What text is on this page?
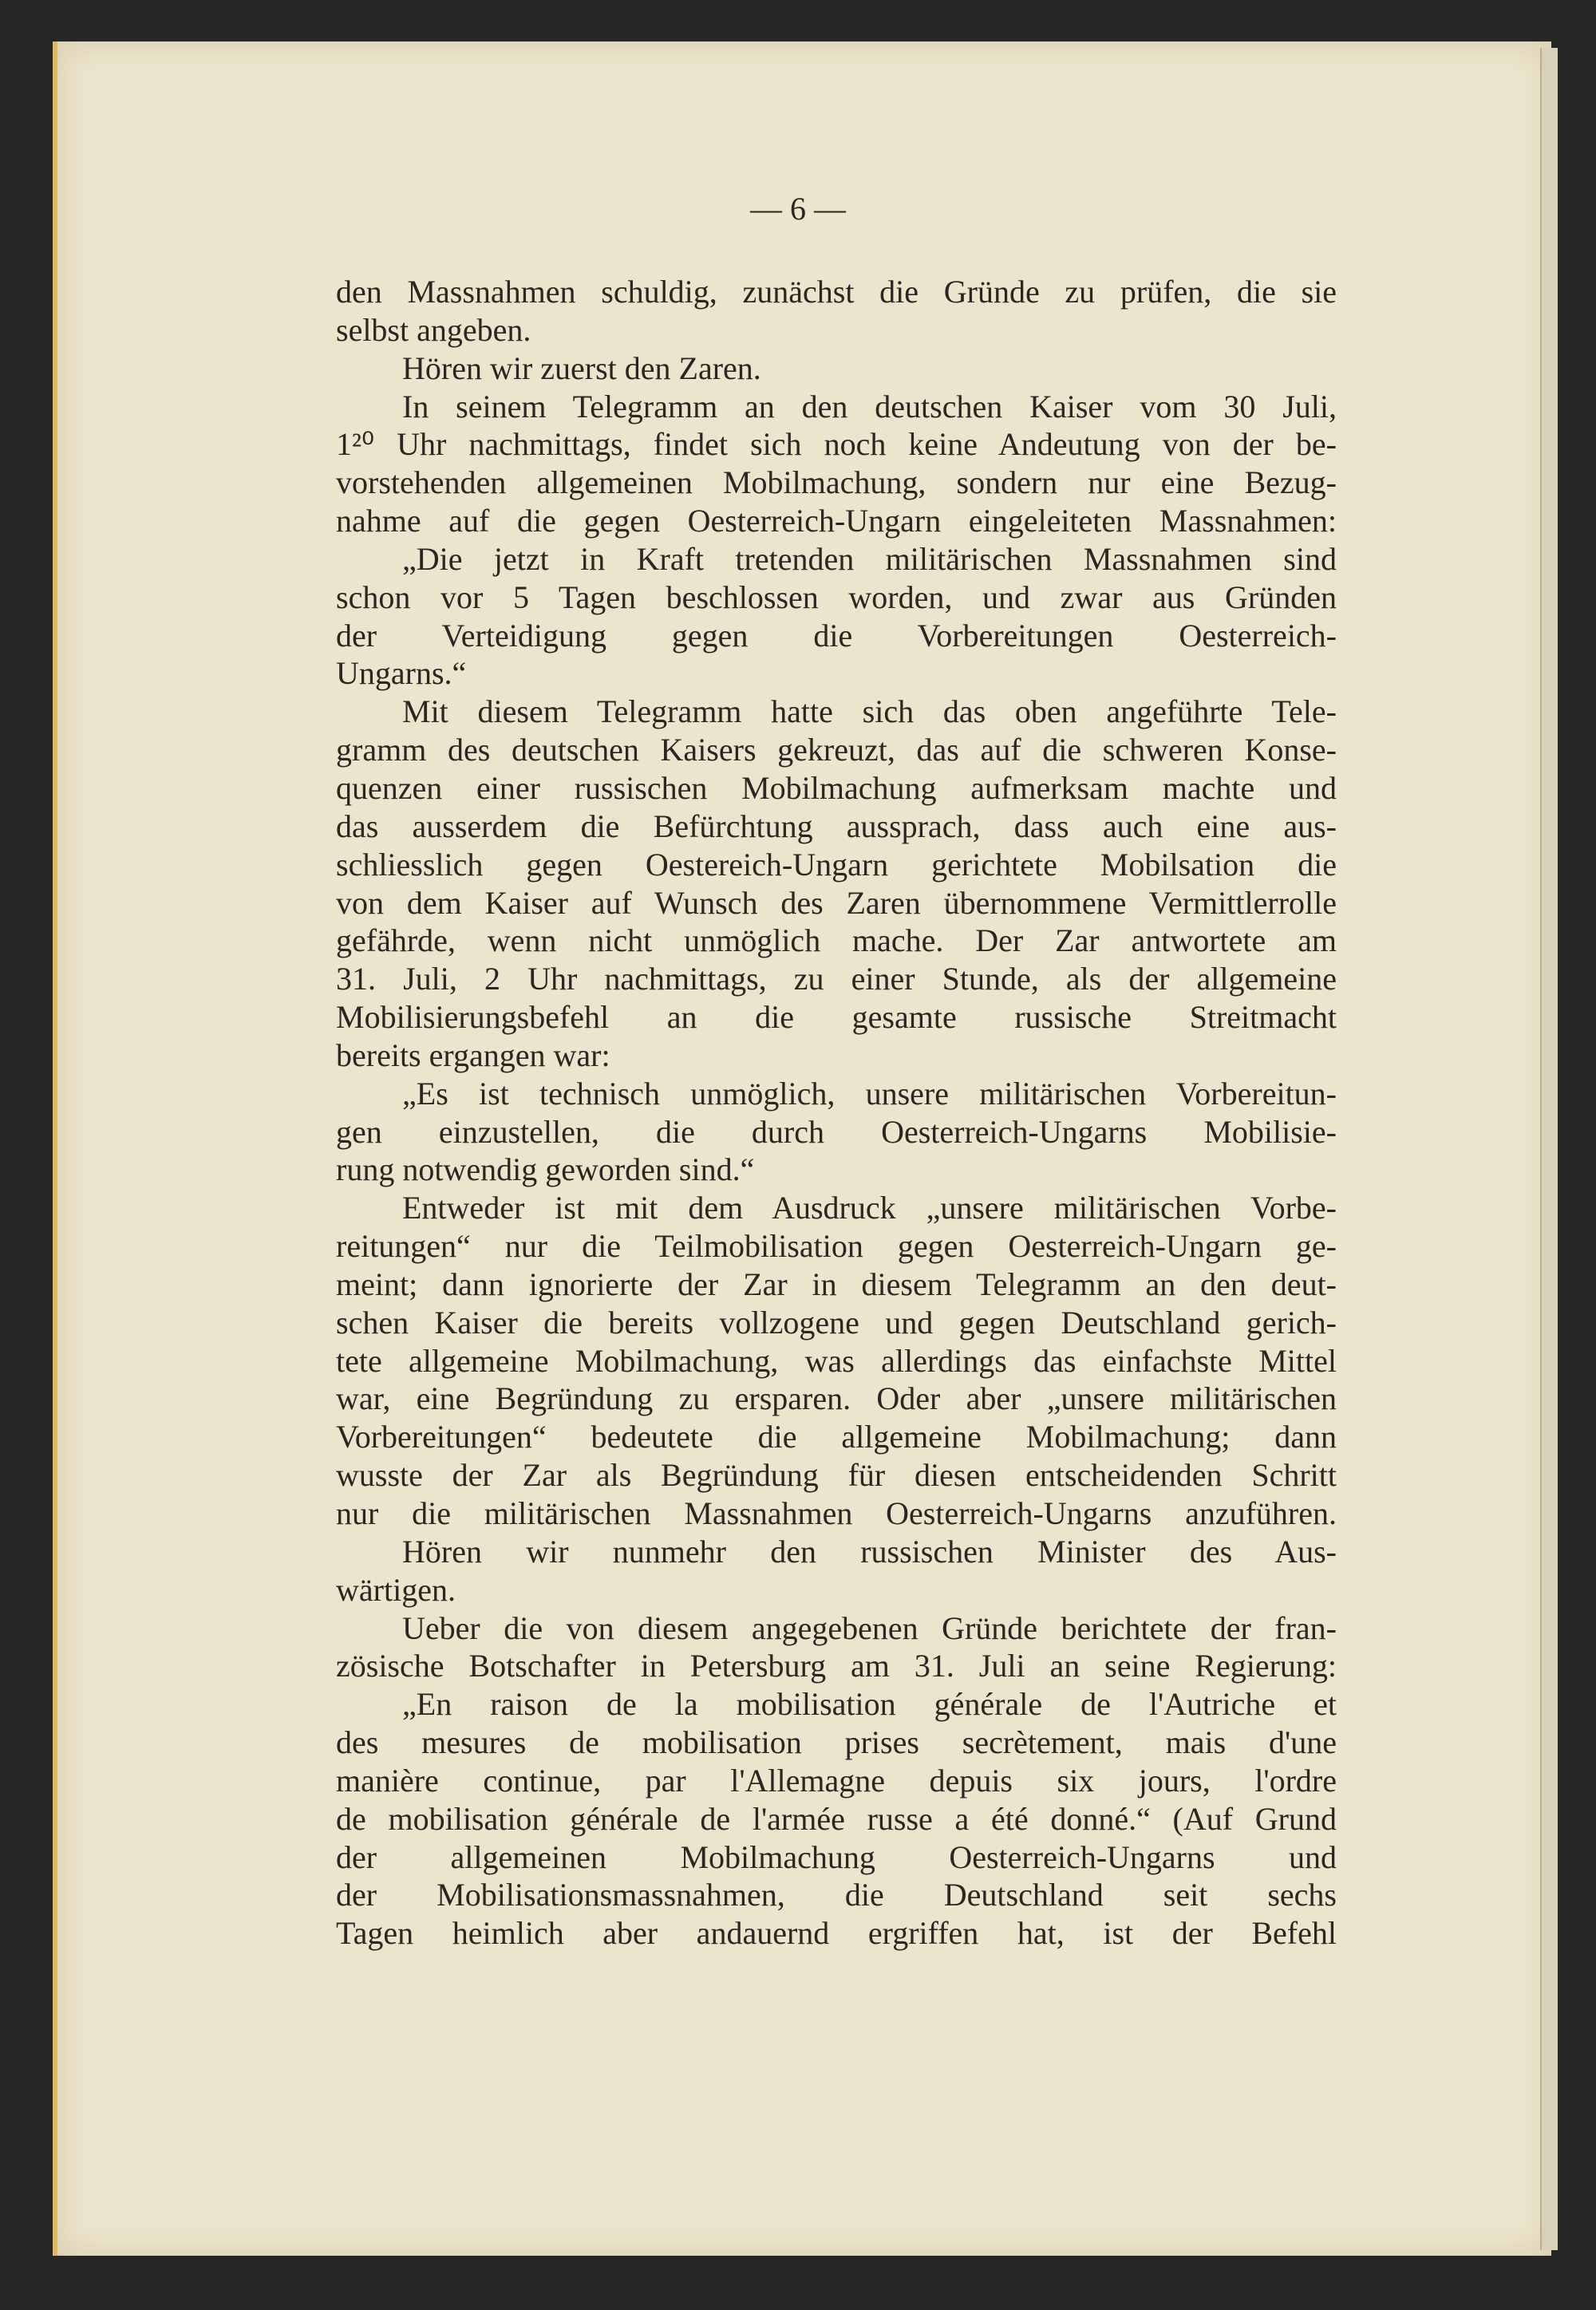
— 6 —
den Massnahmen schuldig, zunächst die Gründe zu prüfen, die sie
selbst angeben.
Hören wir zuerst den Zaren.
In seinem Telegramm an den deutschen Kaiser vom 30 Juli,
1²⁰ Uhr nachmittags, findet sich noch keine Andeutung von der be-
vorstehenden allgemeinen Mobilmachung, sondern nur eine Bezug-
nahme auf die gegen Oesterreich-Ungarn eingeleiteten Massnahmen:
„Die jetzt in Kraft tretenden militärischen Massnahmen sind
schon vor 5 Tagen beschlossen worden, und zwar aus Gründen
der Verteidigung gegen die Vorbereitungen Oesterreich-
Ungarns.“
Mit diesem Telegramm hatte sich das oben angeführte Tele-
gramm des deutschen Kaisers gekreuzt, das auf die schweren Konse-
quenzen einer russischen Mobilmachung aufmerksam machte und
das ausserdem die Befürchtung aussprach, dass auch eine aus-
schliesslich gegen Oestereich-Ungarn gerichtete Mobilsation die
von dem Kaiser auf Wunsch des Zaren übernommene Vermittlerrolle
gefährde, wenn nicht unmöglich mache. Der Zar antwortete am
31. Juli, 2 Uhr nachmittags, zu einer Stunde, als der allgemeine
Mobilisierungsbefehl an die gesamte russische Streitmacht
bereits ergangen war:
„Es ist technisch unmöglich, unsere militärischen Vorbereitun-
gen einzustellen, die durch Oesterreich-Ungarns Mobilisie-
rung notwendig geworden sind.“
Entweder ist mit dem Ausdruck „unsere militärischen Vorbe-
reitungen“ nur die Teilmobilisation gegen Oesterreich-Ungarn ge-
meint; dann ignorierte der Zar in diesem Telegramm an den deut-
schen Kaiser die bereits vollzogene und gegen Deutschland gerich-
tete allgemeine Mobilmachung, was allerdings das einfachste Mittel
war, eine Begründung zu ersparen. Oder aber „unsere militärischen
Vorbereitungen“ bedeutete die allgemeine Mobilmachung; dann
wusste der Zar als Begründung für diesen entscheidenden Schritt
nur die militärischen Massnahmen Oesterreich-Ungarns anzuführen.
Hören wir nunmehr den russischen Minister des Aus-
wärtigen.
Ueber die von diesem angegebenen Gründe berichtete der fran-
zösische Botschafter in Petersburg am 31. Juli an seine Regierung:
„En raison de la mobilisation générale de l'Autriche et
des mesures de mobilisation prises secrètement, mais d'une
manière continue, par l'Allemagne depuis six jours, l'ordre
de mobilisation générale de l'armée russe a été donné.“ (Auf Grund
der allgemeinen Mobilmachung Oesterreich-Ungarns und
der Mobilisationsmassnahmen, die Deutschland seit sechs
Tagen heimlich aber andauernd ergriffen hat, ist der Befehl
